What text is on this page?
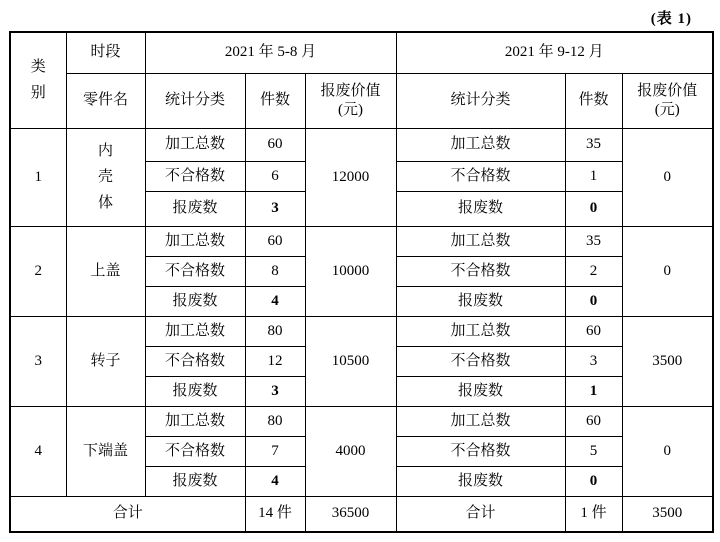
(表 1)
类别	时段	2021 年 5-8 月			2021 年 9-12 月		
	零件名	统计分类	件数	报废价值
(元)	统计分类	件数	报废价值
(元)

1	内壳体	加工总数	60	12000	加工总数	35	0
		不合格数	6		不合格数	1	
		报废数	3		报废数	0	
2	上盖	加工总数	60	10000	加工总数	35	0
		不合格数	8		不合格数	2	
		报废数	4		报废数	0	
3	转子	加工总数	80	10500	加工总数	60	3500
		不合格数	12		不合格数	3	
		报废数	3		报废数	1	
4	下端盖	加工总数	80	4000	加工总数	60	0
		不合格数	7		不合格数	5	
		报废数	4		报废数	0	
合计			14 件	36500	合计	1 件	3500
